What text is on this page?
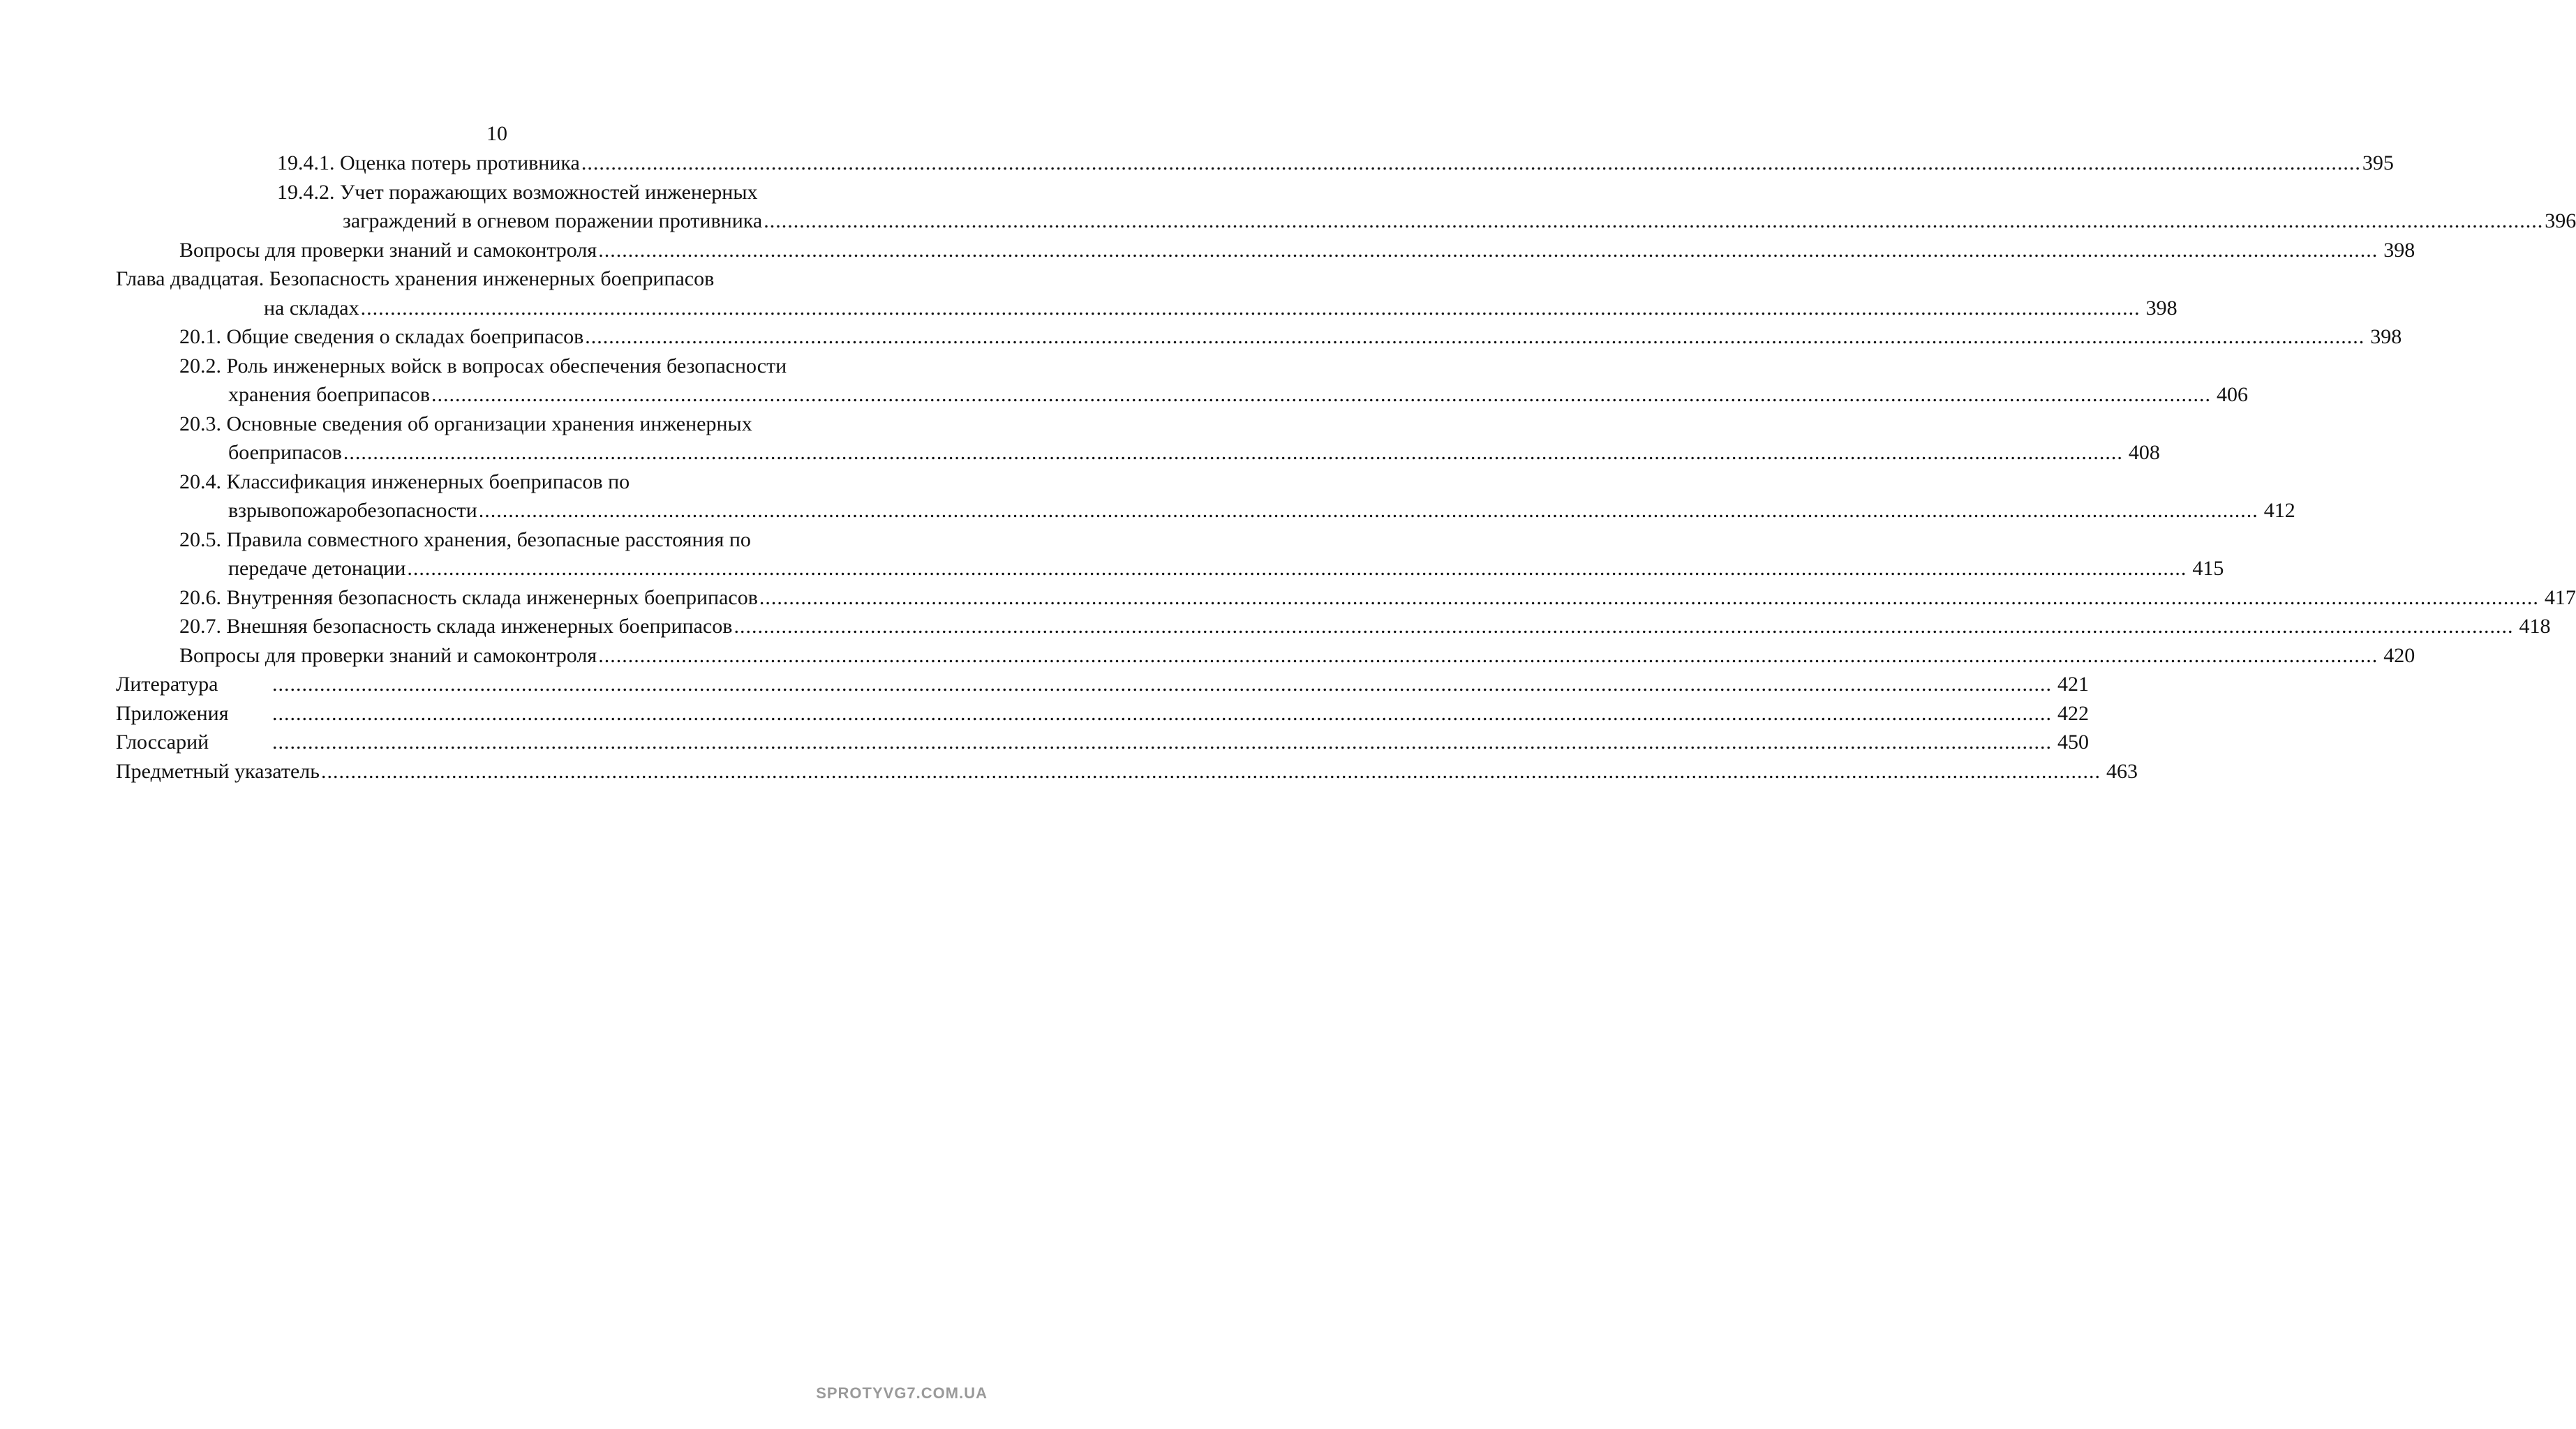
10
19.4.1. Оценка потерь противника ............................................................................................................................................................................................................................................................................................................ 395
19.4.2. Учет поражающих возможностей инженерных
заграждений в огневом поражении противника ............................................................................................................................................................................................................................................................................................................ 396
Вопросы для проверки знаний и самоконтроля ............................................................................................................................................................................................................................................................................................................ 398
Глава двадцатая. Безопасность хранения инженерных боеприпасов
на складах ............................................................................................................................................................................................................................................................................................................ 398
20.1. Общие сведения о складах боеприпасов ............................................................................................................................................................................................................................................................................................................ 398
20.2. Роль инженерных войск в вопросах обеспечения безопасности
хранения боеприпасов ............................................................................................................................................................................................................................................................................................................ 406
20.3. Основные сведения об организации хранения инженерных
боеприпасов ............................................................................................................................................................................................................................................................................................................ 408
20.4. Классификация инженерных боеприпасов по
взрывопожаробезопасности ............................................................................................................................................................................................................................................................................................................ 412
20.5. Правила совместного хранения, безопасные расстояния по
передаче детонации ............................................................................................................................................................................................................................................................................................................ 415
20.6. Внутренняя безопасность склада инженерных боеприпасов ............................................................................................................................................................................................................................................................................................................ 417
20.7. Внешняя безопасность склада инженерных боеприпасов ............................................................................................................................................................................................................................................................................................................ 418
Вопросы для проверки знаний и самоконтроля ............................................................................................................................................................................................................................................................................................................ 420
Литература	............................................................................................................................................................................................................................................................................................................ 421
Приложения	............................................................................................................................................................................................................................................................................................................ 422
Глоссарий	............................................................................................................................................................................................................................................................................................................ 450
Предметный указатель ............................................................................................................................................................................................................................................................................................................ 463
SPROTYVG7.COM.UA
